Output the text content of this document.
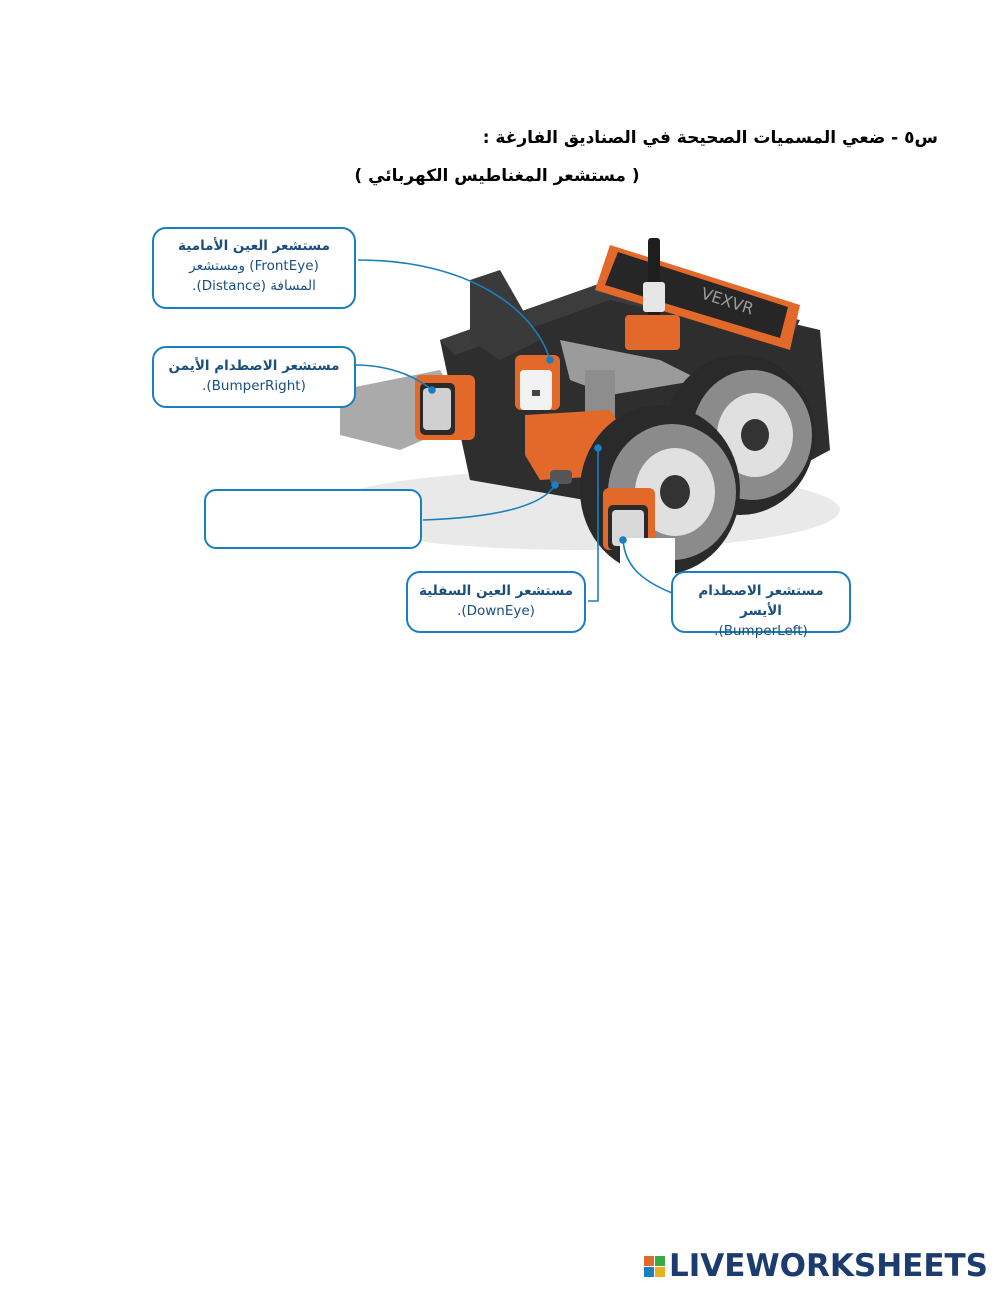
س٥ - ضعي المسميات الصحيحة في الصناديق الفارغة :
( مستشعر المغناطيس الكهربائي )
VEXVR
مستشعر العين الأمامية
(FrontEye) ومستشعر
المسافة (Distance).
مستشعر الاصطدام الأيمن
(BumperRight).
مستشعر العين السفلية
(DownEye).
مستشعر الاصطدام الأيسر
(BumperLeft).
LIVEWORKSHEETS
